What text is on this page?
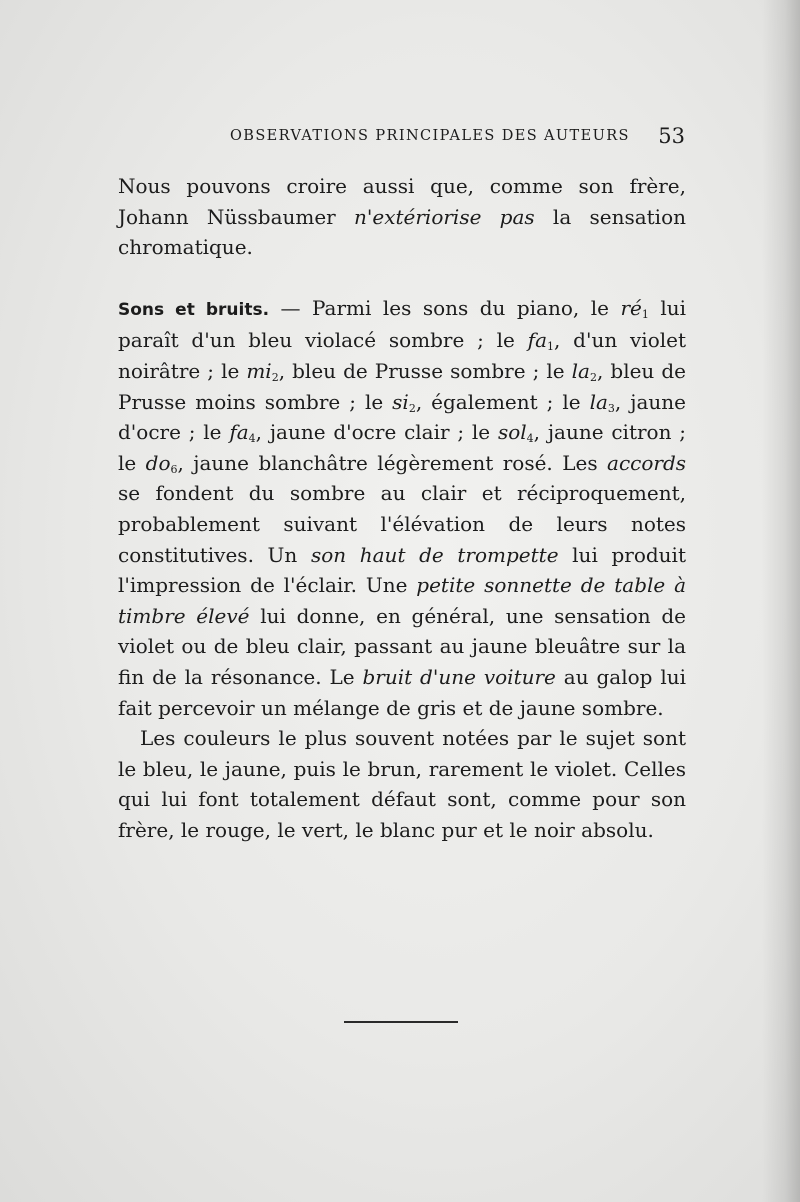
OBSERVATIONS PRINCIPALES DES AUTEURS 53

Nous pouvons croire aussi que, comme son frère, Johann Nüssbaumer n'extériorise pas la sensation chromatique.

Sons et bruits. — Parmi les sons du piano, le $ré_1$ lui paraît d'un bleu violacé sombre ; le $fa_1$, d'un violet noirâtre ; le $mi_2$, bleu de Prusse sombre ; le $la_2$, bleu de Prusse moins sombre ; le $si_2$, également ; le $la_3$, jaune d'ocre ; le $fa_4$, jaune d'ocre clair ; le sol$_4$, jaune citron ; le $do_6$, jaune blanchâtre légèrement rosé. Les accords se fondent du sombre au clair et réciproquement, probablement suivant l'élévation de leurs notes constitutives. Un son haut de trompette lui produit l'impression de l'éclair. Une petite sonnette de table à timbre élevé lui donne, en général, une sensation de violet ou de bleu clair, passant au jaune bleuâtre sur la fin de la résonance. Le bruit d'une voiture au galop lui fait percevoir un mélange de gris et de jaune sombre.

Les couleurs le plus souvent notées par le sujet sont le bleu, le jaune, puis le brun, rarement le violet. Celles qui lui font totalement défaut sont, comme pour son frère, le rouge, le vert, le blanc pur et le noir absolu.
